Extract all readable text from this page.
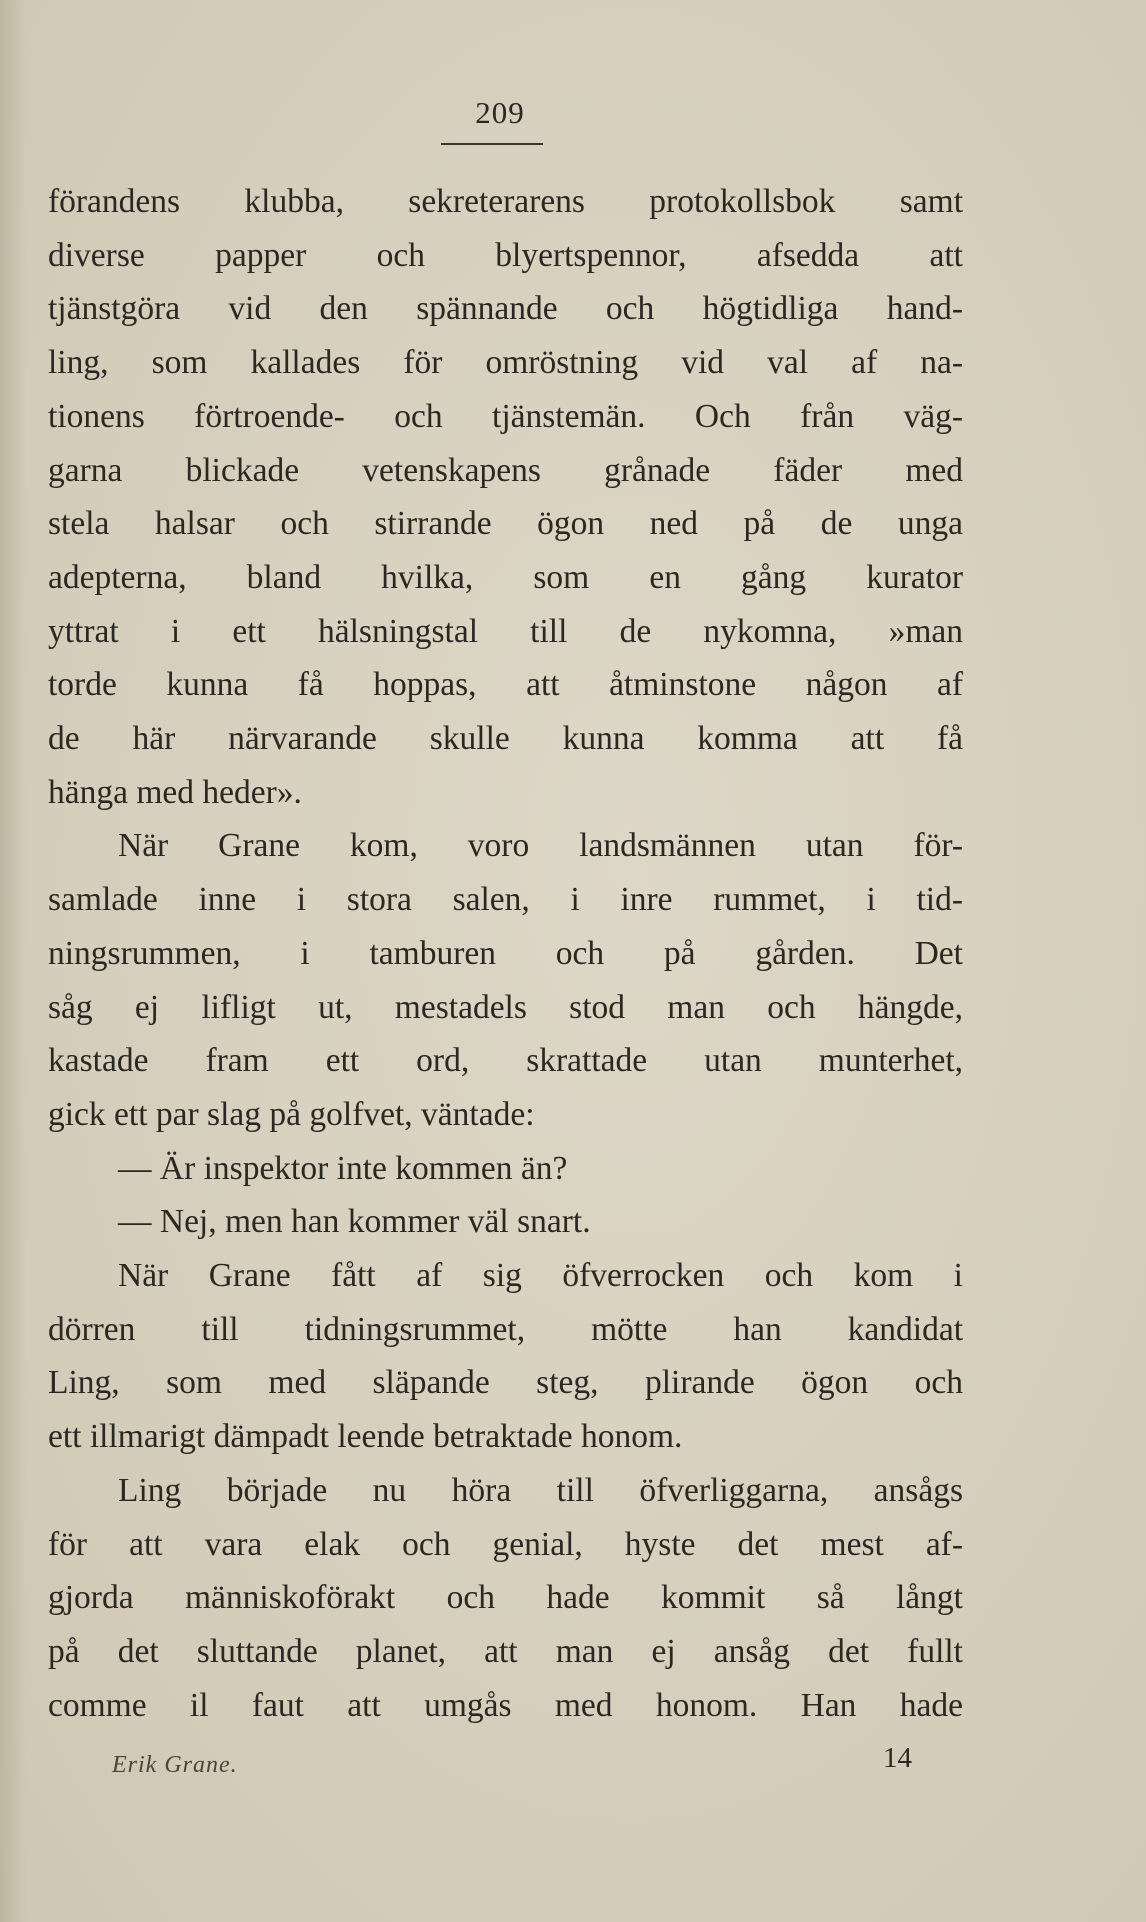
209
förandens klubba, sekreterarens protokollsbok samt
diverse papper och blyertspennor, afsedda att
tjänstgöra vid den spännande och högtidliga hand-
ling, som kallades för omröstning vid val af na-
tionens förtroende- och tjänstemän. Och från väg-
garna blickade vetenskapens grånade fäder med
stela halsar och stirrande ögon ned på de unga
adepterna, bland hvilka, som en gång kurator
yttrat i ett hälsningstal till de nykomna, »man
torde kunna få hoppas, att åtminstone någon af
de här närvarande skulle kunna komma att få
hänga med heder».
När Grane kom, voro landsmännen utan för-
samlade inne i stora salen, i inre rummet, i tid-
ningsrummen, i tamburen och på gården. Det
såg ej lifligt ut, mestadels stod man och hängde,
kastade fram ett ord, skrattade utan munterhet,
gick ett par slag på golfvet, väntade:
— Är inspektor inte kommen än?
— Nej, men han kommer väl snart.
När Grane fått af sig öfverrocken och kom i
dörren till tidningsrummet, mötte han kandidat
Ling, som med släpande steg, plirande ögon och
ett illmarigt dämpadt leende betraktade honom.
Ling började nu höra till öfverliggarna, ansågs
för att vara elak och genial, hyste det mest af-
gjorda människoförakt och hade kommit så långt
på det sluttande planet, att man ej ansåg det fullt
comme il faut att umgås med honom. Han hade
Erik Grane.	14
